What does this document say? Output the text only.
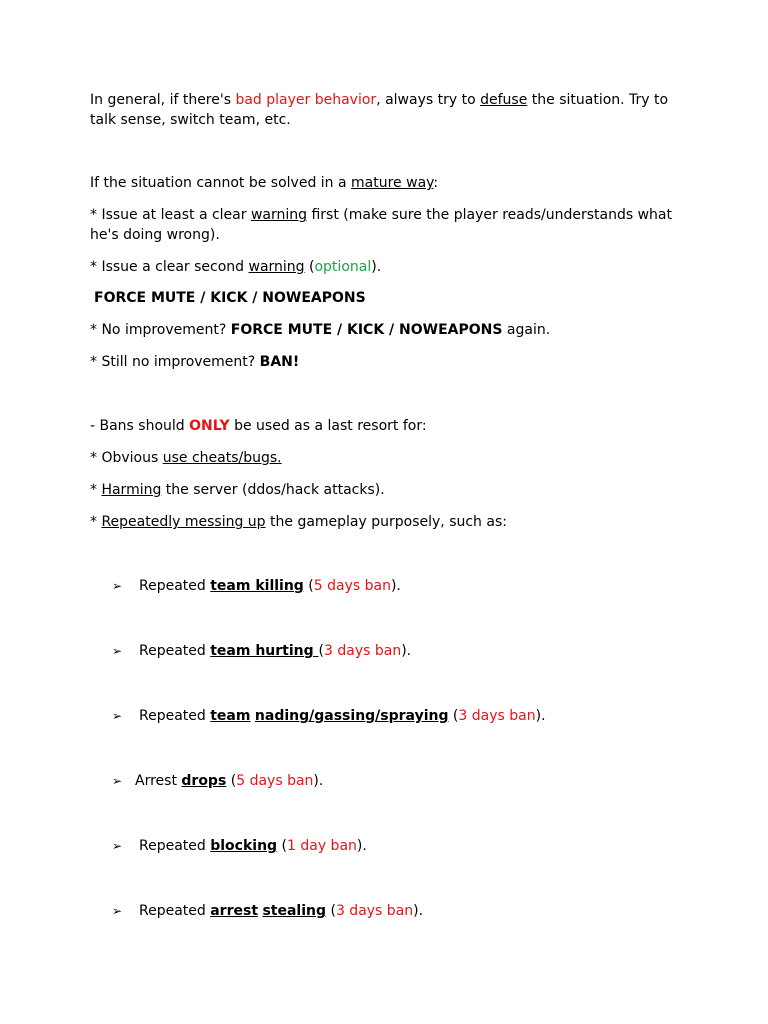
In general, if there's bad player behavior, always try to defuse the situation. Try to
talk sense, switch team, etc.
If the situation cannot be solved in a mature way:
* Issue at least a clear warning first (make sure the player reads/understands what
he's doing wrong).
* Issue a clear second warning (optional).
FORCE MUTE / KICK / NOWEAPONS
* No improvement? FORCE MUTE / KICK / NOWEAPONS again.
* Still no improvement? BAN!
- Bans should ONLY be used as a last resort for:
* Obvious use cheats/bugs.
* Harming the server (ddos/hack attacks).
* Repeatedly messing up the gameplay purposely, such as:
➢ Repeated team killing (5 days ban).
➢ Repeated team hurting (3 days ban).
➢ Repeated team nading/gassing/spraying (3 days ban).
➢ Arrest drops (5 days ban).
➢ Repeated blocking (1 day ban).
➢ Repeated arrest stealing (3 days ban).
